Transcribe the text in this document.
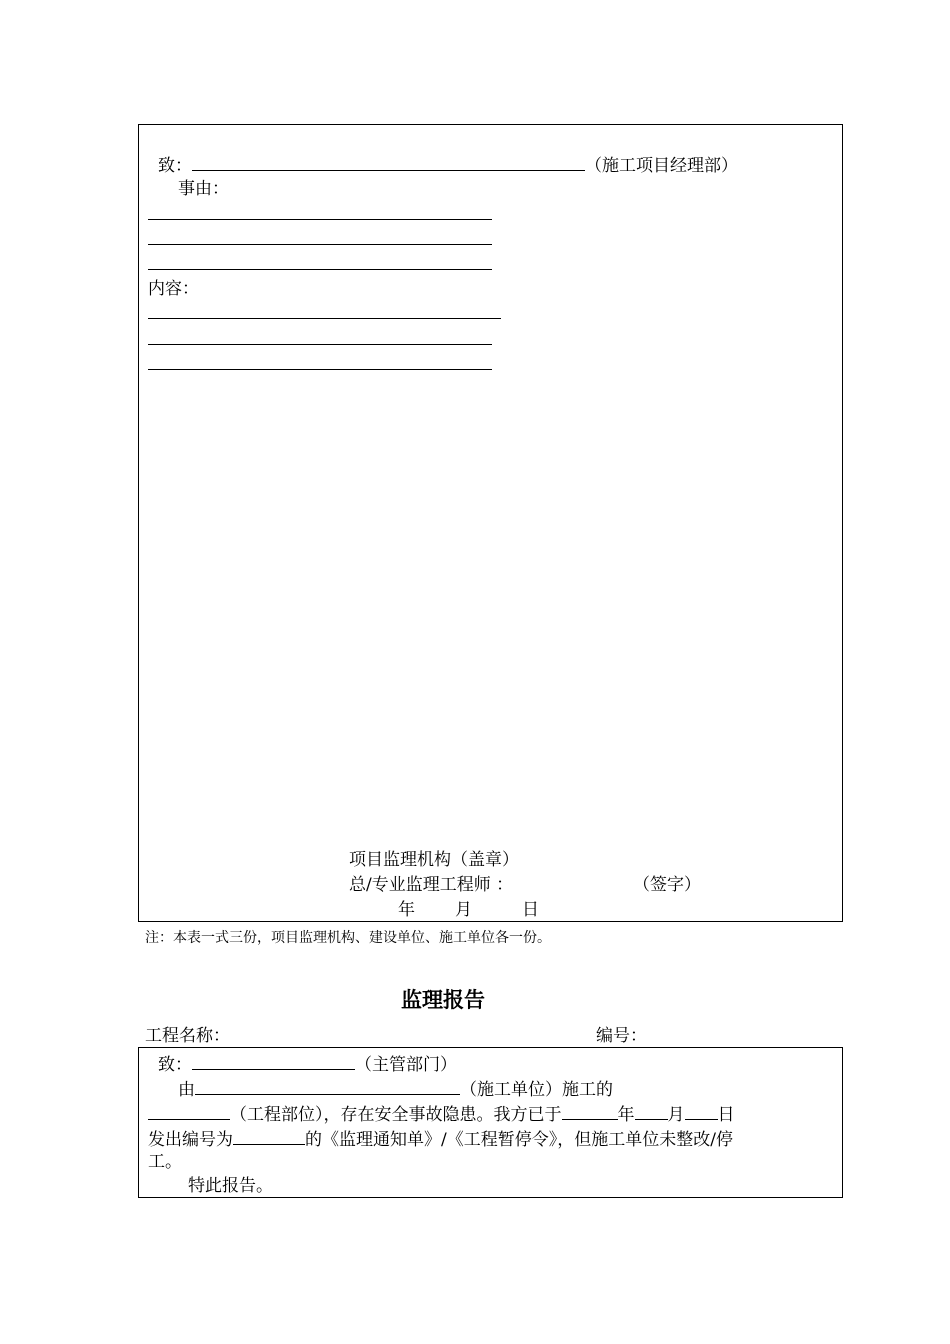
致：	（施工项目经理部）
事由：
内容：
项目监理机构（盖章）
总/专业监理工程师 ：	（签字）
年 月	日
注：本表一式三份，项目监理机构、建设单位、施工单位各一份。
监理报告
工程名称：	编号：
致：	（主管部门）
由	（施工单位）施工的
（工程部位），存在安全事故隐患。我方已于	年 月 日
发出编号为	的《监理通知单》/《工程暂停令》，但施工单位未整改/停
工。
特此报告。
